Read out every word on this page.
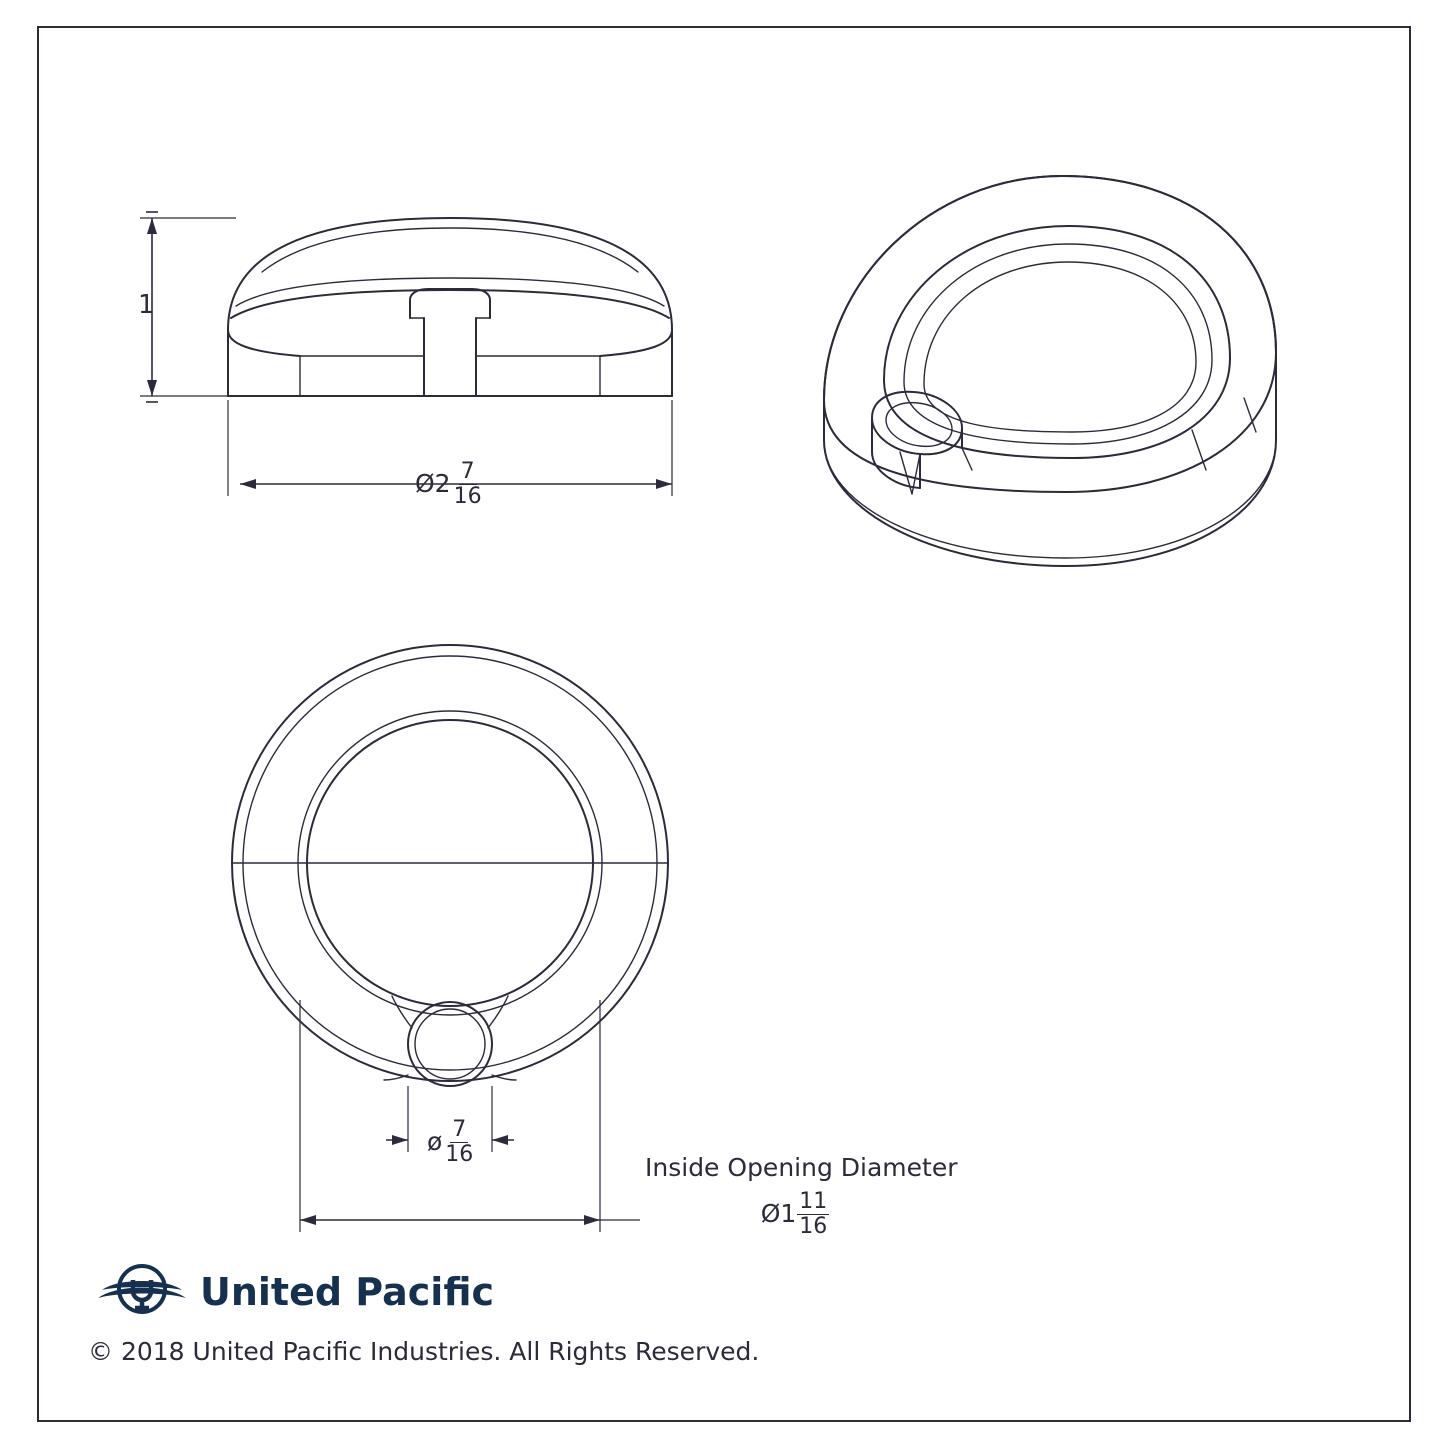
1
Ø2 $\frac{7}{16}$
ø $\frac{7}{16}$
Inside Opening Diameter
Ø1 $\frac{11}{16}$
United Pacific
© 2018 United Pacific Industries. All Rights Reserved.
